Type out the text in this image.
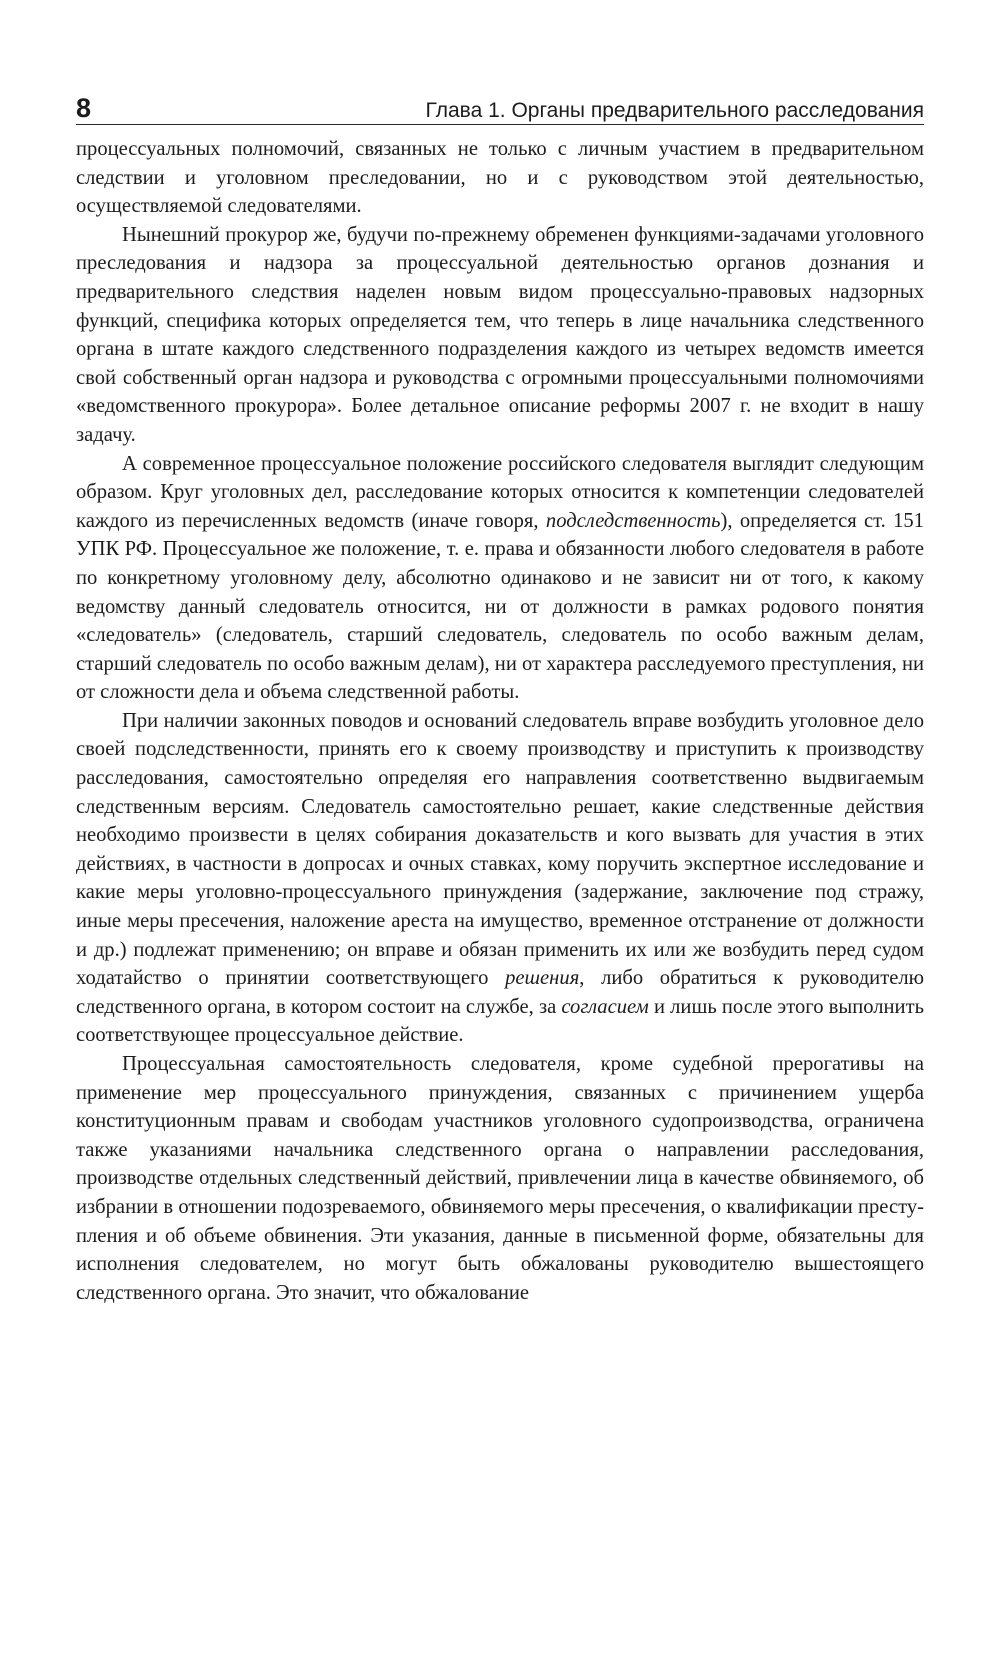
8	Глава 1. Органы предварительного расследования

процессуальных полномочий, связанных не только с личным участием в предварительном следствии и уголовном преследовании, но и с руководством этой деятельностью, осуществляемой следователями.

Нынешний прокурор же, будучи по-прежнему обременен функциями-задачами уголовного преследования и надзора за процессуальной деятельностью органов дознания и предварительного следствия наделен новым видом процессуально-правовых надзорных функций, специфика которых определяется тем, что теперь в лице начальника следственного органа в штате каждого следственного подразделения каждого из четырех ведомств имеется свой собственный орган надзора и руководства с огромными процессуальными полномочиями «ведомственного прокурора». Более детальное описание реформы 2007 г. не входит в нашу задачу.

А современное процессуальное положение российского следователя выглядит следующим образом. Круг уголовных дел, расследование которых относится к компетенции следователей каждого из перечисленных ведомств (иначе говоря, подследственность), определяется ст. 151 УПК РФ. Процессуальное же положение, т. е. права и обязанности любого следователя в работе по конкретному уголовному делу, абсолютно одинаково и не зависит ни от того, к какому ведомству данный следователь относится, ни от должности в рамках родового понятия «следователь» (следователь, старший следователь, следователь по особо важным делам, старший следователь по особо важным делам), ни от характера расследуемого преступления, ни от сложности дела и объема следственной работы.

При наличии законных поводов и оснований следователь вправе возбудить уголовное дело своей подследственности, принять его к своему производству и приступить к производству расследования, самостоятельно определяя его направления соответственно выдвигаемым следственным версиям. Следователь самостоятельно решает, какие следственные действия необходимо произвести в целях собирания доказательств и кого вызвать для участия в этих действиях, в частности в допросах и очных ставках, кому поручить экспертное исследование и какие меры уголовно-процессуального принуждения (задержание, заключение под стражу, иные меры пресечения, наложение ареста на имущество, временное отстранение от должности и др.) подлежат применению; он вправе и обязан применить их или же возбудить перед судом ходатайство о принятии соответствующего решения, либо обратиться к руководителю следственного органа, в котором состоит на службе, за согласием и лишь после этого выполнить соответствующее процессуальное действие.

Процессуальная самостоятельность следователя, кроме судебной прерогативы на применение мер процессуального принуждения, связанных с причинением ущерба конституционным правам и свободам участников уголовного судопроизводства, ограничена также указаниями начальника следственного органа о направлении расследования, производстве отдельных следственный действий, привлечении лица в качестве обвиняемого, об избрании в отношении подозреваемого, обвиняемого меры пресечения, о квалификации преступления и об объеме обвинения. Эти указания, данные в письменной форме, обязательны для исполнения следователем, но могут быть обжалованы руководителю вышестоящего следственного органа. Это значит, что обжалование
